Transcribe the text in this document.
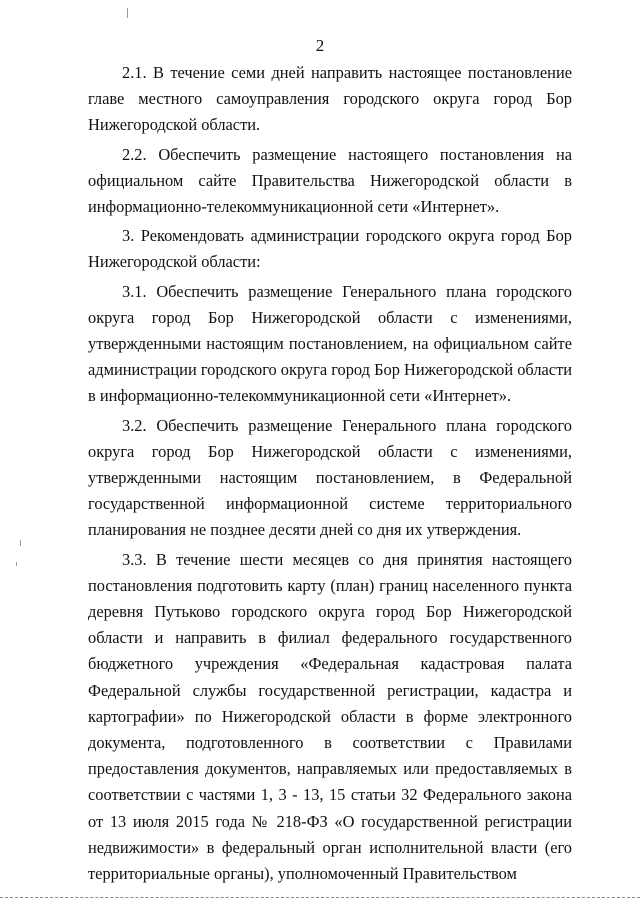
2

2.1. В течение семи дней направить настоящее постановление главе местного самоуправления городского округа город Бор Нижегородской области.

2.2. Обеспечить размещение настоящего постановления на официальном сайте Правительства Нижегородской области в информационно-телекоммуникационной сети «Интернет».

3. Рекомендовать администрации городского округа город Бор Нижегородской области:

3.1. Обеспечить размещение Генерального плана городского округа город Бор Нижегородской области с изменениями, утвержденными настоящим постановлением, на официальном сайте администрации городского округа город Бор Нижегородской области в информационно-телекоммуникационной сети «Интернет».

3.2. Обеспечить размещение Генерального плана городского округа город Бор Нижегородской области с изменениями, утвержденными настоящим постановлением, в Федеральной государственной информационной системе территориального планирования не позднее десяти дней со дня их утверждения.

3.3. В течение шести месяцев со дня принятия настоящего постановления подготовить карту (план) границ населенного пункта деревня Путьково городского округа город Бор Нижегородской области и направить в филиал федерального государственного бюджетного учреждения «Федеральная кадастровая палата Федеральной службы государственной регистрации, кадастра и картографии» по Нижегородской области в форме электронного документа, подготовленного в соответствии с Правилами предоставления документов, направляемых или предоставляемых в соответствии с частями 1, 3 - 13, 15 статьи 32 Федерального закона от 13 июля 2015 года № 218-ФЗ «О государственной регистрации недвижимости» в федеральный орган исполнительной власти (его территориальные органы), уполномоченный Правительством
